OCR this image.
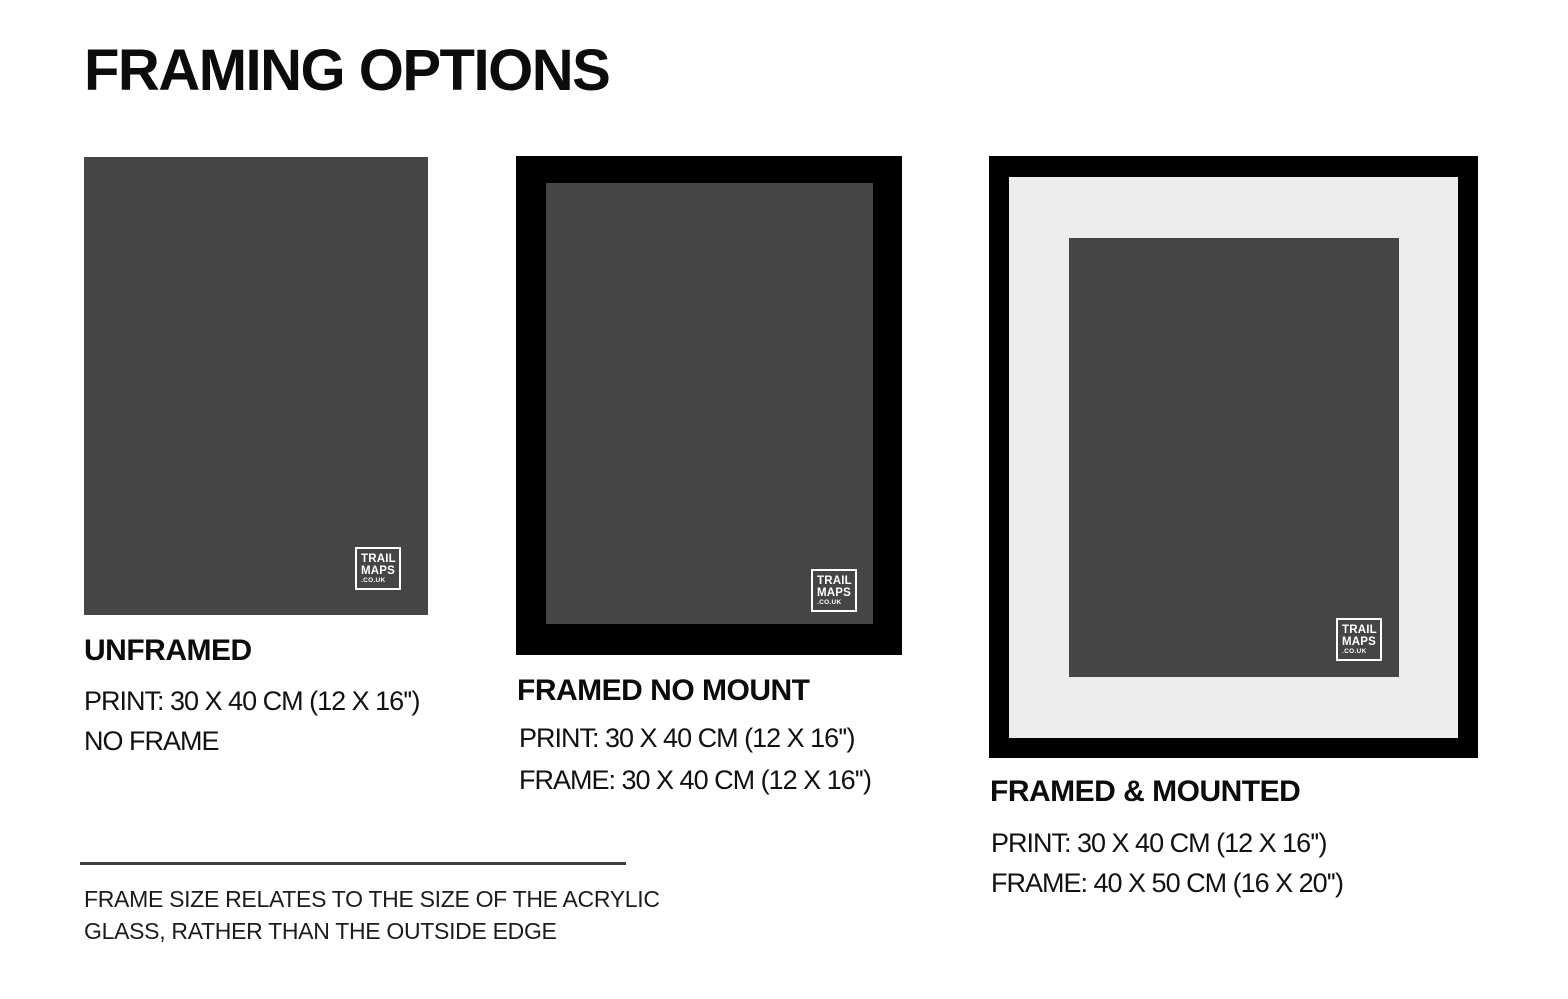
FRAMING OPTIONS
TRAIL
MAPS
.CO.UK
UNFRAMED
PRINT: 30 X 40 CM (12 X 16'')
NO FRAME
TRAIL
MAPS
.CO.UK
FRAMED NO MOUNT
PRINT: 30 X 40 CM (12 X 16'')
FRAME: 30 X 40 CM (12 X 16'')
TRAIL
MAPS
.CO.UK
FRAMED & MOUNTED
PRINT: 30 X 40 CM (12 X 16'')
FRAME: 40 X 50 CM (16 X 20'')
FRAME SIZE RELATES TO THE SIZE OF THE ACRYLIC
GLASS, RATHER THAN THE OUTSIDE EDGE
